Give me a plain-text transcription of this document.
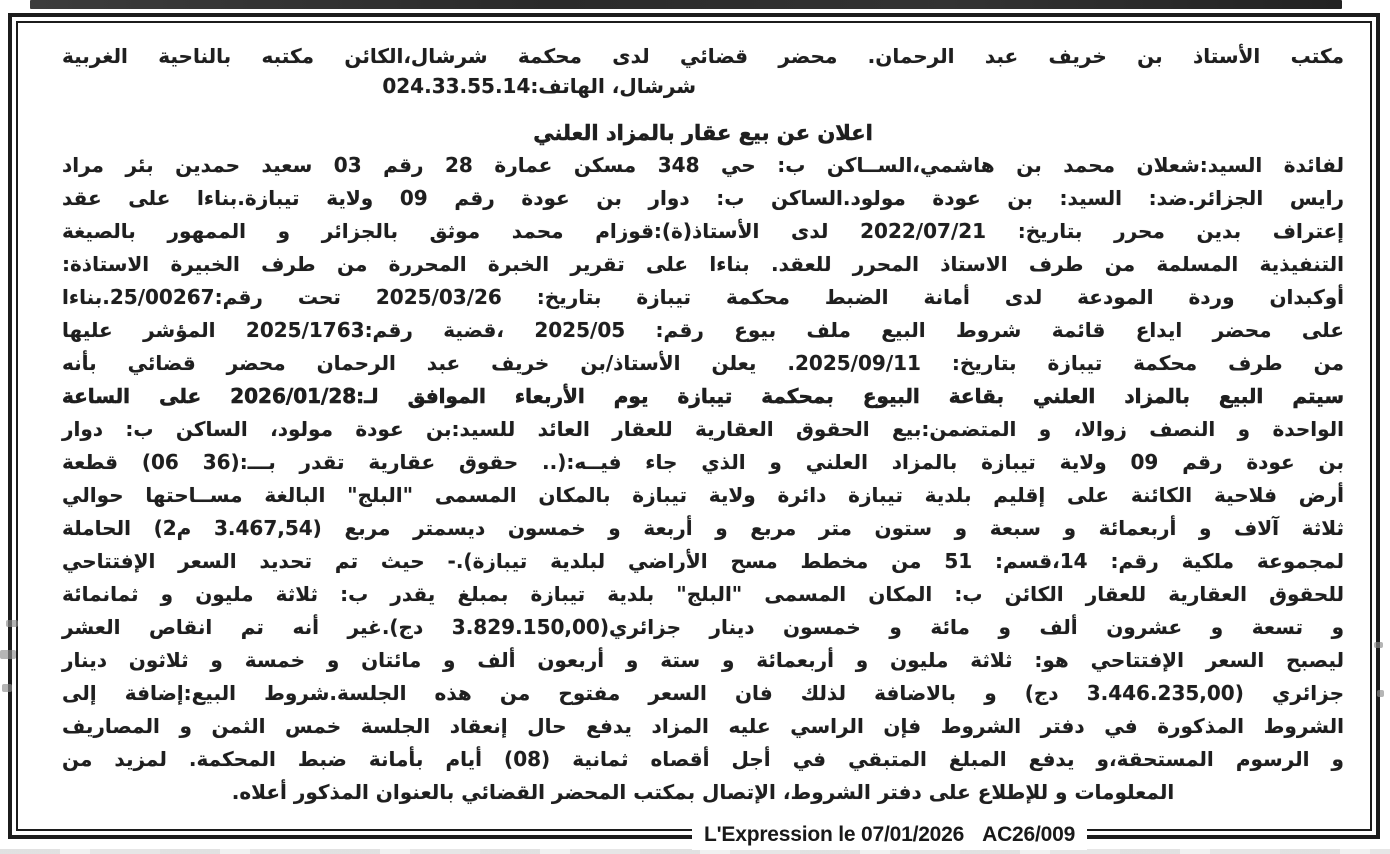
مكتب الأستاذ بن خريف عبد الرحمان. محضر قضائي لدى محكمة شرشال،الكائن مكتبه بالناحية الغربية
شرشال، الهاتف:024.33.55.14
اعلان عن بيع عقار بالمزاد العلني
لفائدة السيد:شعلان محمد بن هاشمي،الســاكن ب: حي 348 مسكن عمارة 28 رقم 03 سعيد حمدين بئر مراد
رايس الجزائر.ضد: السيد: بن عودة مولود.الساكن ب: دوار بن عودة رقم 09 ولاية تيبازة.بناءا على عقد
إعتراف بدين محرر بتاريخ: 2022/07/21 لدى الأستاذ(ة):قوزام محمد موثق بالجزائر و الممهور بالصيغة
التنفيذية المسلمة من طرف الاستاذ المحرر للعقد. بناءا على تقرير الخبرة المحررة من طرف الخبيرة الاستاذة:
أوكبدان وردة المودعة لدى أمانة الضبط محكمة تيبازة بتاريخ: 2025/03/26 تحت رقم:25/00267.بناءا
على محضر ايداع قائمة شروط البيع ملف بيوع رقم: 2025/05 ،قضية رقم:2025/1763 المؤشر عليها
من طرف محكمة تيبازة بتاريخ: 2025/09/11. يعلن الأستاذ/بن خريف عبد الرحمان محضر قضائي بأنه
سيتم البيع بالمزاد العلني بقاعة البيوع بمحكمة تيبازة يوم الأربعاء الموافق لـ:2026/01/28 على الساعة
الواحدة و النصف زوالا، و المتضمن:بيع الحقوق العقارية للعقار العائد للسيد:بن عودة مولود، الساكن ب: دوار
بن عودة رقم 09 ولاية تيبازة بالمزاد العلني و الذي جاء فيــه:(.. حقوق عقارية تقدر بـــ:(36 06) قطعة
أرض فلاحية الكائنة على إقليم بلدية تيبازة دائرة ولاية تيبازة بالمكان المسمى "البلج" البالغة مســاحتها حوالي
ثلاثة آلاف و أربعمائة و سبعة و ستون متر مربع و أربعة و خمسون ديسمتر مربع (3.467,54 م2) الحاملة
لمجموعة ملكية رقم: 14،قسم: 51 من مخطط مسح الأراضي لبلدية تيبازة).- حيث تم تحديد السعر الإفتتاحي
للحقوق العقارية للعقار الكائن ب: المكان المسمى "البلج" بلدية تيبازة بمبلغ يقدر ب: ثلاثة مليون و ثمانمائة
و تسعة و عشرون ألف و مائة و خمسون دينار جزائري(3.829.150,00 دج).غير أنه تم انقاص العشر
ليصبح السعر الإفتتاحي هو: ثلاثة مليون و أربعمائة و ستة و أربعون ألف و مائتان و خمسة و ثلاثون دينار
جزائري (3.446.235,00 دج) و بالاضافة لذلك فان السعر مفتوح من هذه الجلسة.شروط البيع:إضافة إلى
الشروط المذكورة في دفتر الشروط فإن الراسي عليه المزاد يدفع حال إنعقاد الجلسة خمس الثمن و المصاريف
و الرسوم المستحقة،و يدفع المبلغ المتبقي في أجل أقصاه ثمانية (08) أيام بأمانة ضبط المحكمة. لمزيد من
المعلومات و للإطلاع على دفتر الشروط، الإتصال بمكتب المحضر القضائي بالعنوان المذكور أعلاه.
L'Expression le 07/01/2026 AC26/009
